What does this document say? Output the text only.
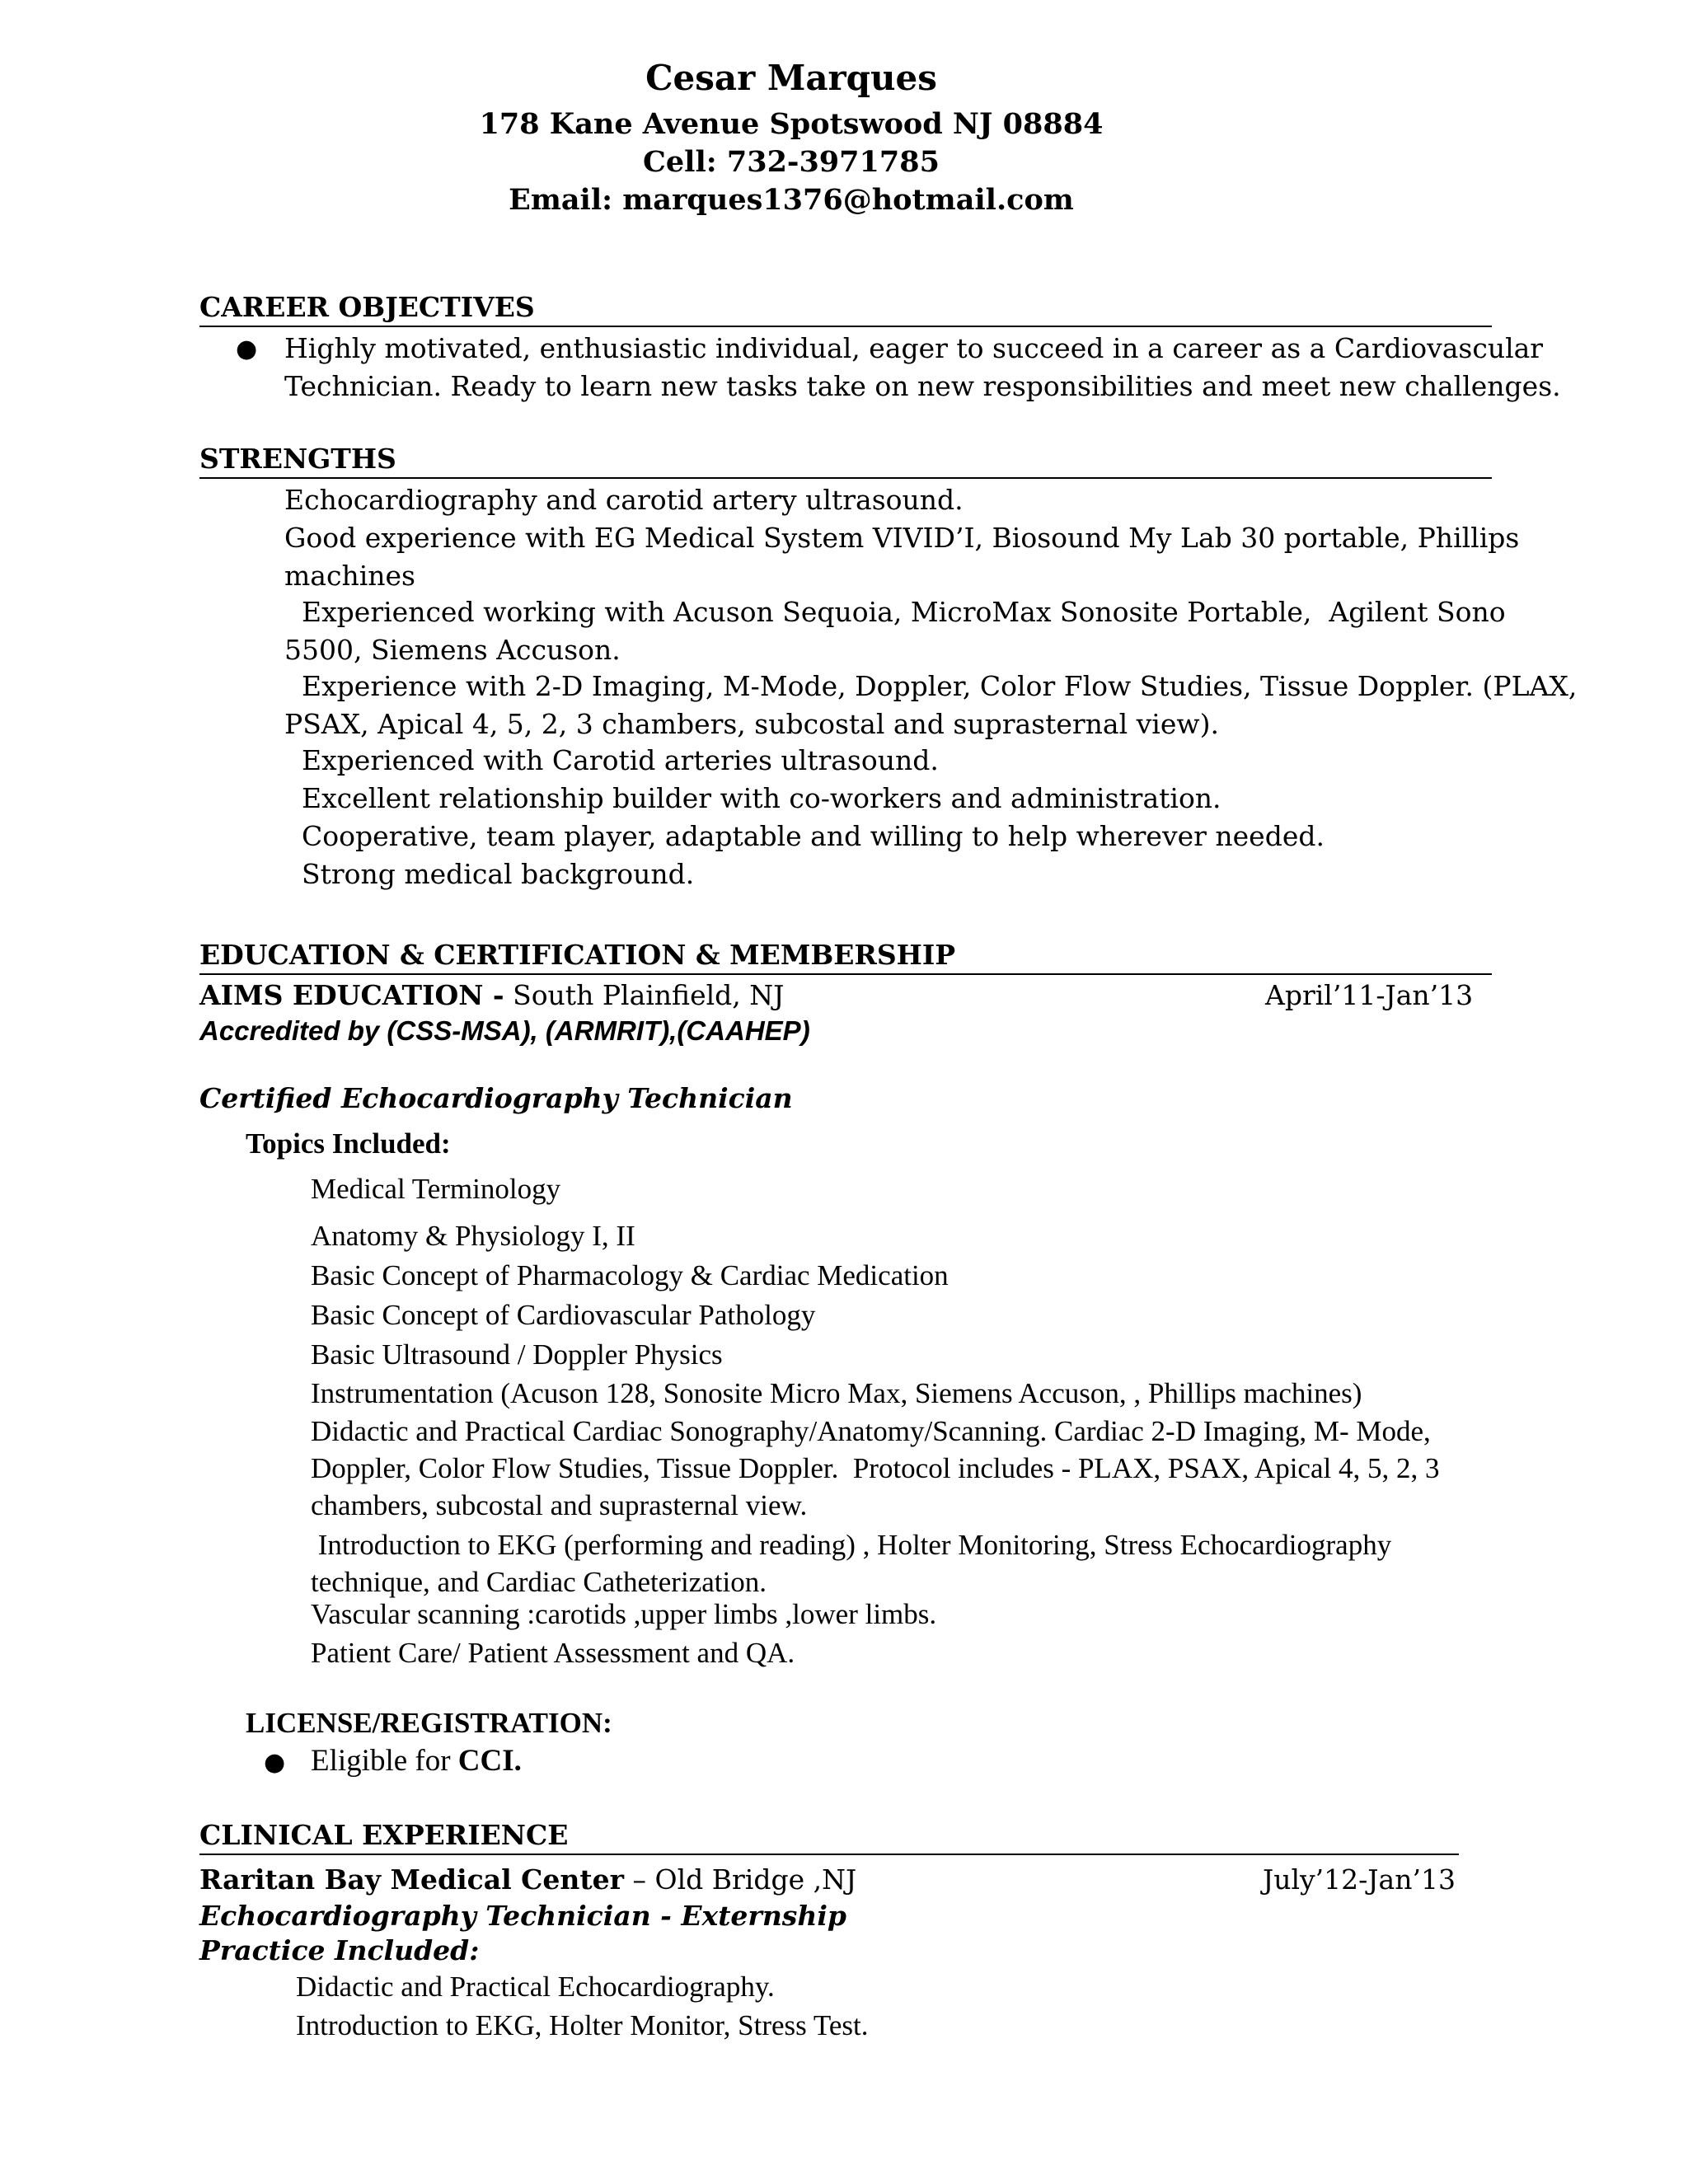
Cesar Marques
178 Kane Avenue Spotswood NJ 08884
Cell: 732-3971785
Email: marques1376@hotmail.com
CAREER OBJECTIVES
● Highly motivated, enthusiastic individual, eager to succeed in a career as a Cardiovascular
Technician. Ready to learn new tasks take on new responsibilities and meet new challenges.
STRENGTHS
Echocardiography and carotid artery ultrasound.
Good experience with EG Medical System VIVID’I, Biosound My Lab 30 portable, Phillips
machines
Experienced working with Acuson Sequoia, MicroMax Sonosite Portable,  Agilent Sono
5500, Siemens Accuson.
Experience with 2-D Imaging, M-Mode, Doppler, Color Flow Studies, Tissue Doppler. (PLAX,
PSAX, Apical 4, 5, 2, 3 chambers, subcostal and suprasternal view).
Experienced with Carotid arteries ultrasound.
Excellent relationship builder with co-workers and administration.
Cooperative, team player, adaptable and willing to help wherever needed.
Strong medical background.
EDUCATION & CERTIFICATION & MEMBERSHIP
AIMS EDUCATION - South Plainfield, NJ	April’11-Jan’13
Accredited by (CSS-MSA), (ARMRIT),(CAAHEP)
Certified Echocardiography Technician
Topics Included:
Medical Terminology
Anatomy & Physiology I, II
Basic Concept of Pharmacology & Cardiac Medication
Basic Concept of Cardiovascular Pathology
Basic Ultrasound / Doppler Physics
Instrumentation (Acuson 128, Sonosite Micro Max, Siemens Accuson, , Phillips machines)
Didactic and Practical Cardiac Sonography/Anatomy/Scanning. Cardiac 2-D Imaging, M- Mode,
Doppler, Color Flow Studies, Tissue Doppler.  Protocol includes - PLAX, PSAX, Apical 4, 5, 2, 3
chambers, subcostal and suprasternal view.
Introduction to EKG (performing and reading) , Holter Monitoring, Stress Echocardiography
technique, and Cardiac Catheterization.
Vascular scanning :carotids ,upper limbs ,lower limbs.
Patient Care/ Patient Assessment and QA.
LICENSE/REGISTRATION:
● Eligible for CCI.
CLINICAL EXPERIENCE
Raritan Bay Medical Center – Old Bridge ,NJ	July’12-Jan’13
Echocardiography Technician - Externship
Practice Included:
Didactic and Practical Echocardiography.
Introduction to EKG, Holter Monitor, Stress Test.
